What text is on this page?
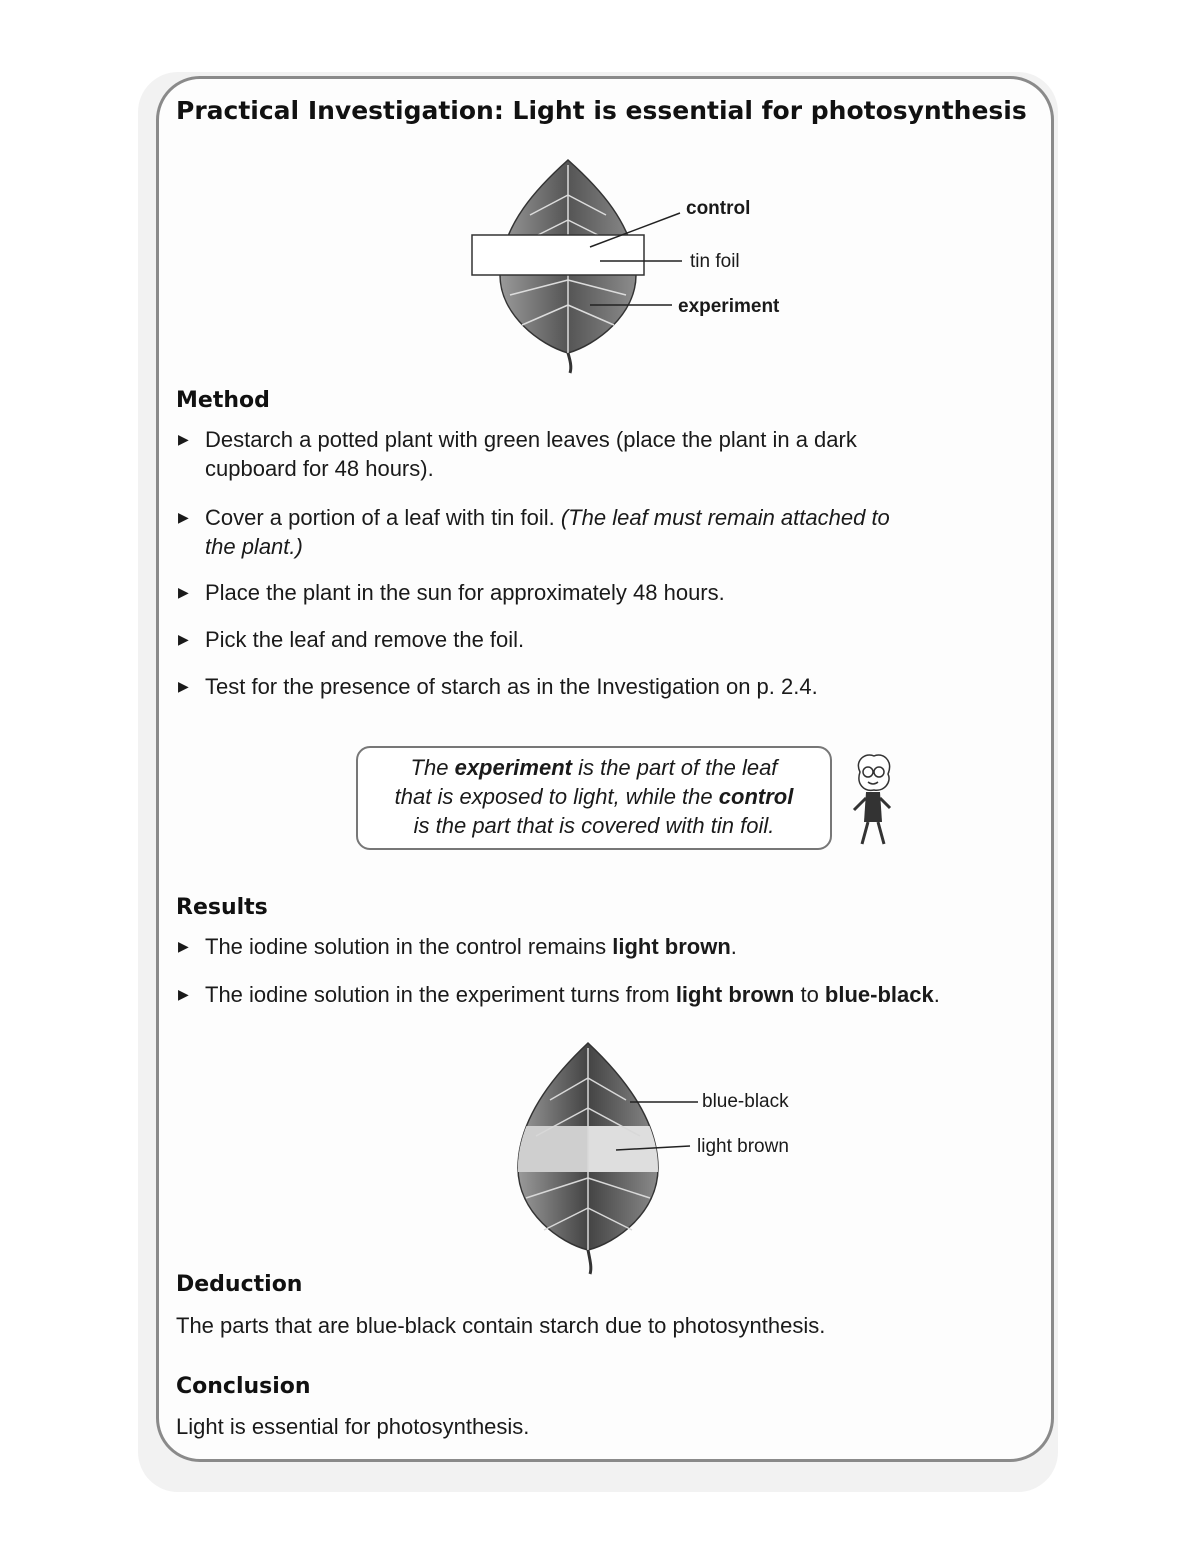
Practical Investigation: Light is essential for photosynthesis
control
tin foil
experiment
Method
▶ Destarch a potted plant with green leaves (place the plant in a dark
cupboard for 48 hours).
▶ Cover a portion of a leaf with tin foil. (The leaf must remain attached to
the plant.)
▶ Place the plant in the sun for approximately 48 hours.
▶ Pick the leaf and remove the foil.
▶ Test for the presence of starch as in the Investigation on p. 2.4.
The experiment is the part of the leaf
that is exposed to light, while the control
is the part that is covered with tin foil.
Results
▶ The iodine solution in the control remains light brown.
▶ The iodine solution in the experiment turns from light brown to blue-black.
blue-black
light brown
Deduction
The parts that are blue-black contain starch due to photosynthesis.
Conclusion
Light is essential for photosynthesis.
